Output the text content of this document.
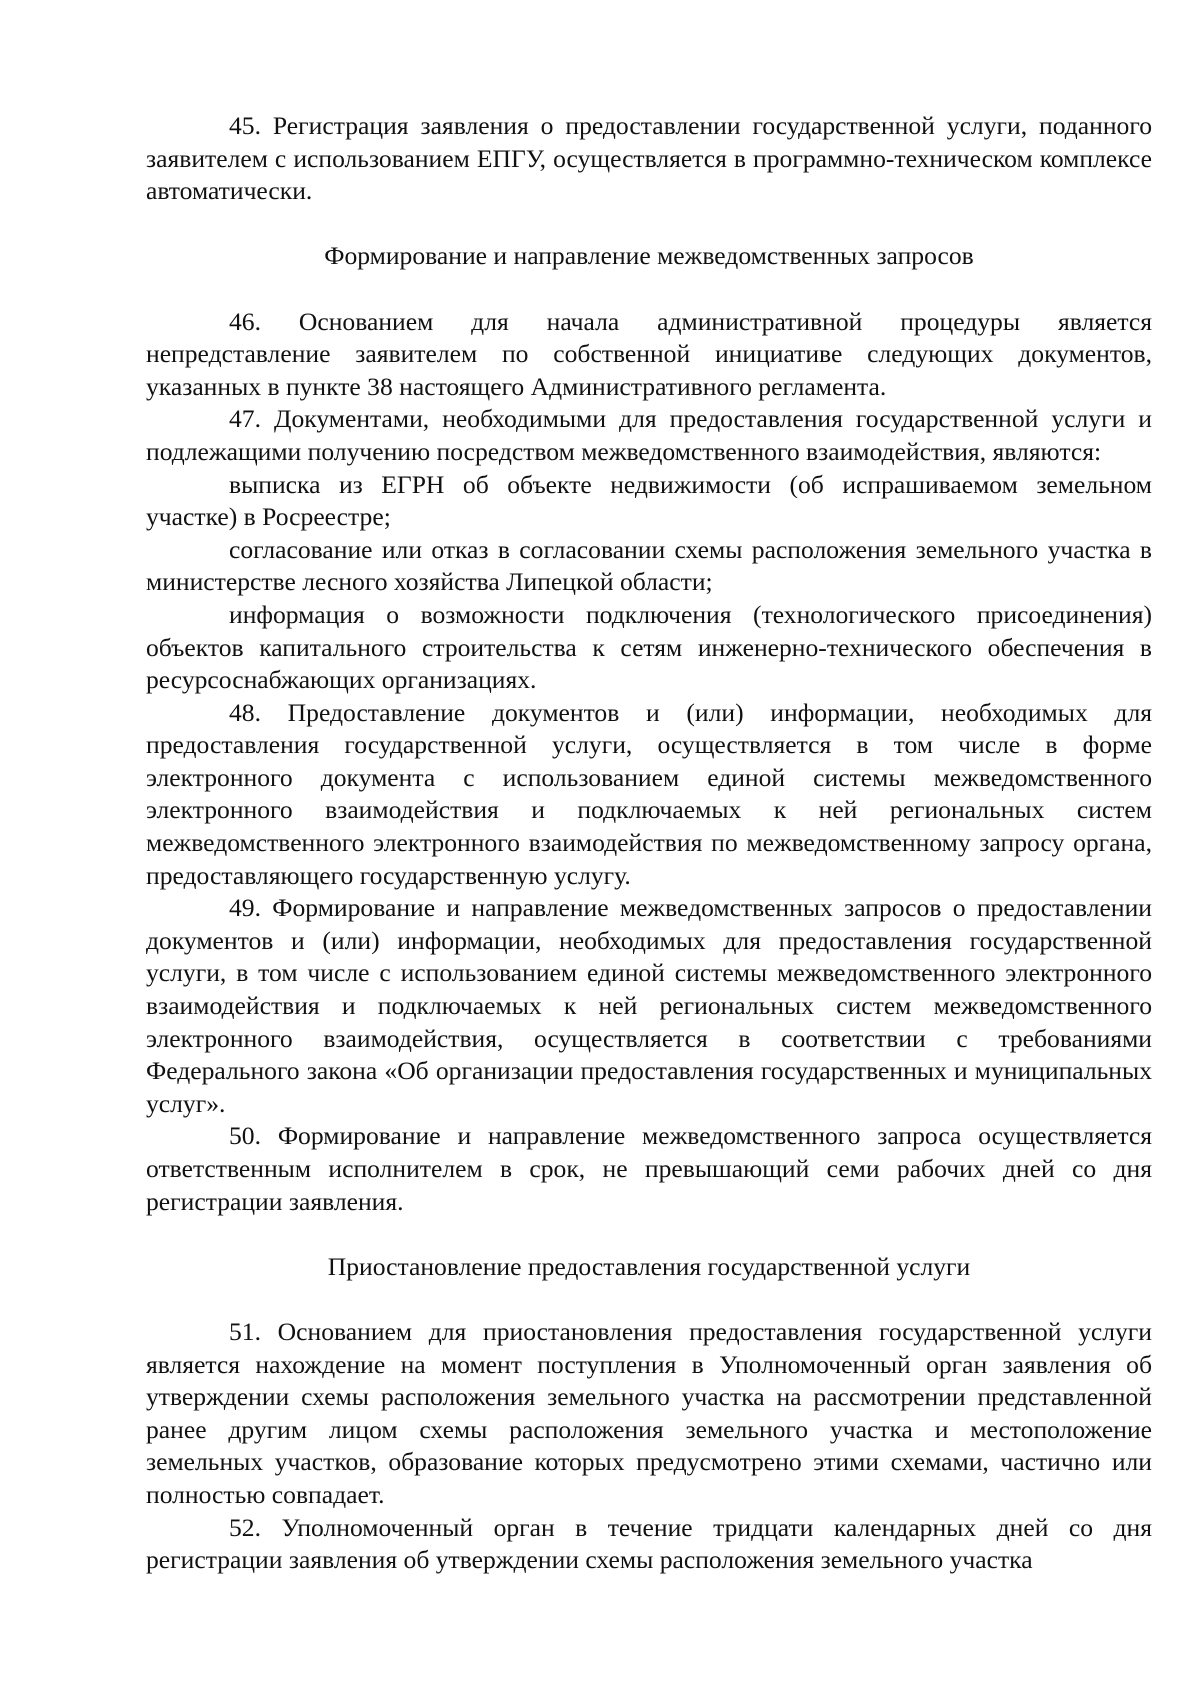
45. Регистрация заявления о предоставлении государственной услуги, поданного заявителем с использованием ЕПГУ, осуществляется в программно-техническом комплексе автоматически.

Формирование и направление межведомственных запросов

46. Основанием для начала административной процедуры является непредставление заявителем по собственной инициативе следующих документов, указанных в пункте 38 настоящего Административного регламента.

47. Документами, необходимыми для предоставления государственной услуги и подлежащими получению посредством межведомственного взаимодействия, являются:

выписка из ЕГРН об объекте недвижимости (об испрашиваемом земельном участке) в Росреестре;

согласование или отказ в согласовании схемы расположения земельного участка в министерстве лесного хозяйства Липецкой области;

информация о возможности подключения (технологического присоединения) объектов капитального строительства к сетям инженерно-технического обеспечения в ресурсоснабжающих организациях.

48. Предоставление документов и (или) информации, необходимых для предоставления государственной услуги, осуществляется в том числе в форме электронного документа с использованием единой системы межведомственного электронного взаимодействия и подключаемых к ней региональных систем межведомственного электронного взаимодействия по межведомственному запросу органа, предоставляющего государственную услугу.

49. Формирование и направление межведомственных запросов о предоставлении документов и (или) информации, необходимых для предоставления государственной услуги, в том числе с использованием единой системы межведомственного электронного взаимодействия и подключаемых к ней региональных систем межведомственного электронного взаимодействия, осуществляется в соответствии с требованиями Федерального закона «Об организации предоставления государственных и муниципальных услуг».

50. Формирование и направление межведомственного запроса осуществляется ответственным исполнителем в срок, не превышающий семи рабочих дней со дня регистрации заявления.

Приостановление предоставления государственной услуги

51. Основанием для приостановления предоставления государственной услуги является нахождение на момент поступления в Уполномоченный орган заявления об утверждении схемы расположения земельного участка на рассмотрении представленной ранее другим лицом схемы расположения земельного участка и местоположение земельных участков, образование которых предусмотрено этими схемами, частично или полностью совпадает.

52. Уполномоченный орган в течение тридцати календарных дней со дня регистрации заявления об утверждении схемы расположения земельного участка
